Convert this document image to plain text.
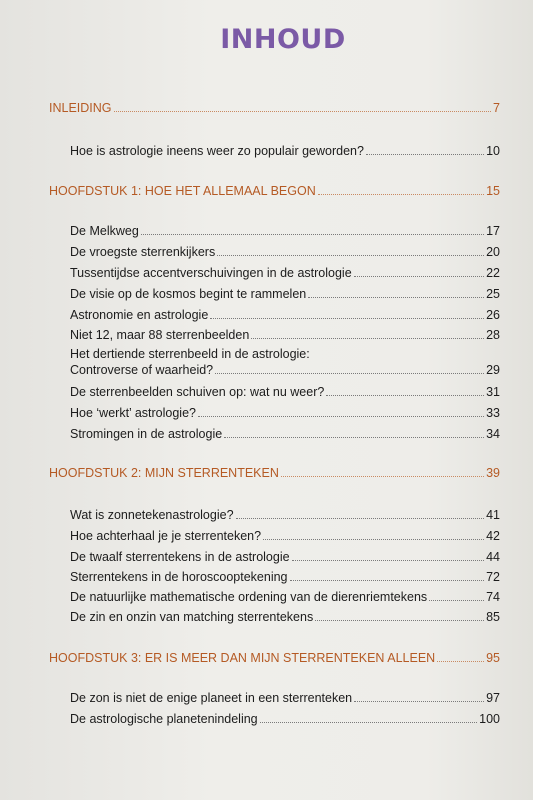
INHOUD
INLEIDING	7
Hoe is astrologie ineens weer zo populair geworden?	10
HOOFDSTUK 1: HOE HET ALLEMAAL BEGON	15
De Melkweg	17
De vroegste sterrenkijkers	20
Tussentijdse accentverschuivingen in de astrologie	22
De visie op de kosmos begint te rammelen	25
Astronomie en astrologie	26
Niet 12, maar 88 sterrenbeelden	28
Het dertiende sterrenbeeld in de astrologie:
Controverse of waarheid?	29
De sterrenbeelden schuiven op: wat nu weer?	31
Hoe ‘werkt’ astrologie?	33
Stromingen in de astrologie	34
HOOFDSTUK 2: MIJN STERRENTEKEN	39
Wat is zonnetekenastrologie?	41
Hoe achterhaal je je sterrenteken?	42
De twaalf sterrentekens in de astrologie	44
Sterrentekens in de horoscooptekening	72
De natuurlijke mathematische ordening van de dierenriemtekens	74
De zin en onzin van matching sterrentekens	85
HOOFDSTUK 3: ER IS MEER DAN MIJN STERRENTEKEN ALLEEN	95
De zon is niet de enige planeet in een sterrenteken	97
De astrologische planetenindeling	100
